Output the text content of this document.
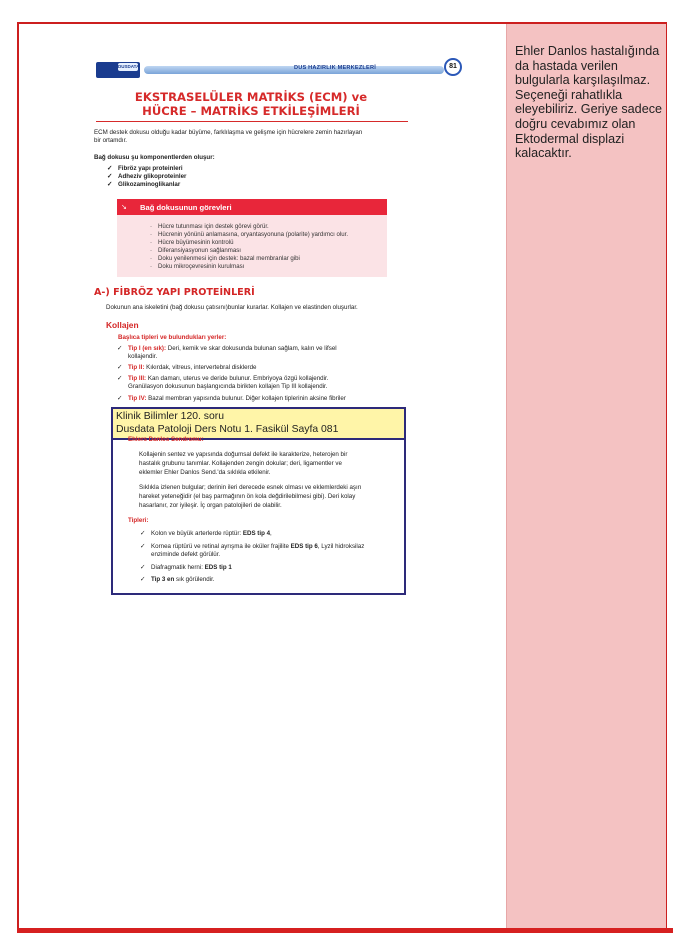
Ehler Danlos hastalığında da hastada verilen bulgularla karşılaşılmaz. Seçeneği rahatlıkla eleyebiliriz. Geriye sadece doğru cevabımız olan Ektodermal displazi kalacaktır.
DUSDATA	DUS HAZIRLIK MERKEZLERİ	81
EKSTRASELÜLER MATRİKS (ECM) ve
HÜCRE – MATRİKS ETKİLEŞİMLERİ
ECM destek dokusu olduğu kadar büyüme, farklılaşma ve gelişme için hücrelere zemin hazırlayan
bir ortamdır.
Bağ dokusu şu komponentlerden oluşur:
✓ Fibröz yapı proteinleri
✓ Adheziv glikoproteinler
✓ Glikozaminoglikanlar
↘ Bağ dokusunun görevleri
· Hücre tutunması için destek görevi görür.
· Hücrenin yönünü anlamasına, oryantasyonuna (polarite) yardımcı olur.
· Hücre büyümesinin kontrolü
· Diferansiyasyonun sağlanması
· Doku yenilenmesi için destek: bazal membranlar gibi
· Doku mikroçevresinin kurulması
A-) FİBRÖZ YAPI PROTEİNLERİ
Dokunun ana iskeletini (bağ dokusu çatısını)bunlar kurarlar. Kollajen ve elastinden oluşurlar.
Kollajen
Başlıca tipleri ve bulundukları yerler:
✓ Tip I (en sık): Deri, kemik ve skar dokusunda bulunan sağlam, kalın ve lifsel
kollajendir.
✓ Tip II: Kıkırdak, vitreus, intervertebral disklerde
✓ Tip III: Kan damarı, uterus ve deride bulunur. Embriyoya özgü kollajendir.
Granülasyon dokusunun başlangıcında birikten kollajen Tip III kollajendir.
✓ Tip IV: Bazal membran yapısında bulunur. Diğer kollajen tiplerinin aksine fibriler
Klinik Bilimler 120. soru
Dusdata Patoloji Ders Notu 1. Fasikül Sayfa 081
Ehlers Danlos Sendromu:
Kollajenin sentez ve yapısında doğumsal defekt ile karakterize, heterojen bir
hastalık grubunu tanımlar. Kollajenden zengin dokular; deri, ligamentler ve
eklemler Ehler Danlos Send.'da sıklıkla etkilenir.
Sıklıkla izlenen bulgular; derinin ileri derecede esnek olması ve eklemlerdeki aşırı
hareket yeteneğidir (el baş parmağının ön kola değdirilebilmesi gibi). Deri kolay
hasarlanır, zor iyileşir. İç organ patolojileri de olabilir.
Tipleri:
✓ Kolon ve büyük arterlerde rüptür: EDS tip 4,
✓ Kornea rüptürü ve retinal ayrışma ile oküler frajilite EDS tip 6, Lyzil hidroksilaz
enziminde defekt görülür.
✓ Diafragmatik herni: EDS tip 1
✓ Tip 3 en sık görülendir.
